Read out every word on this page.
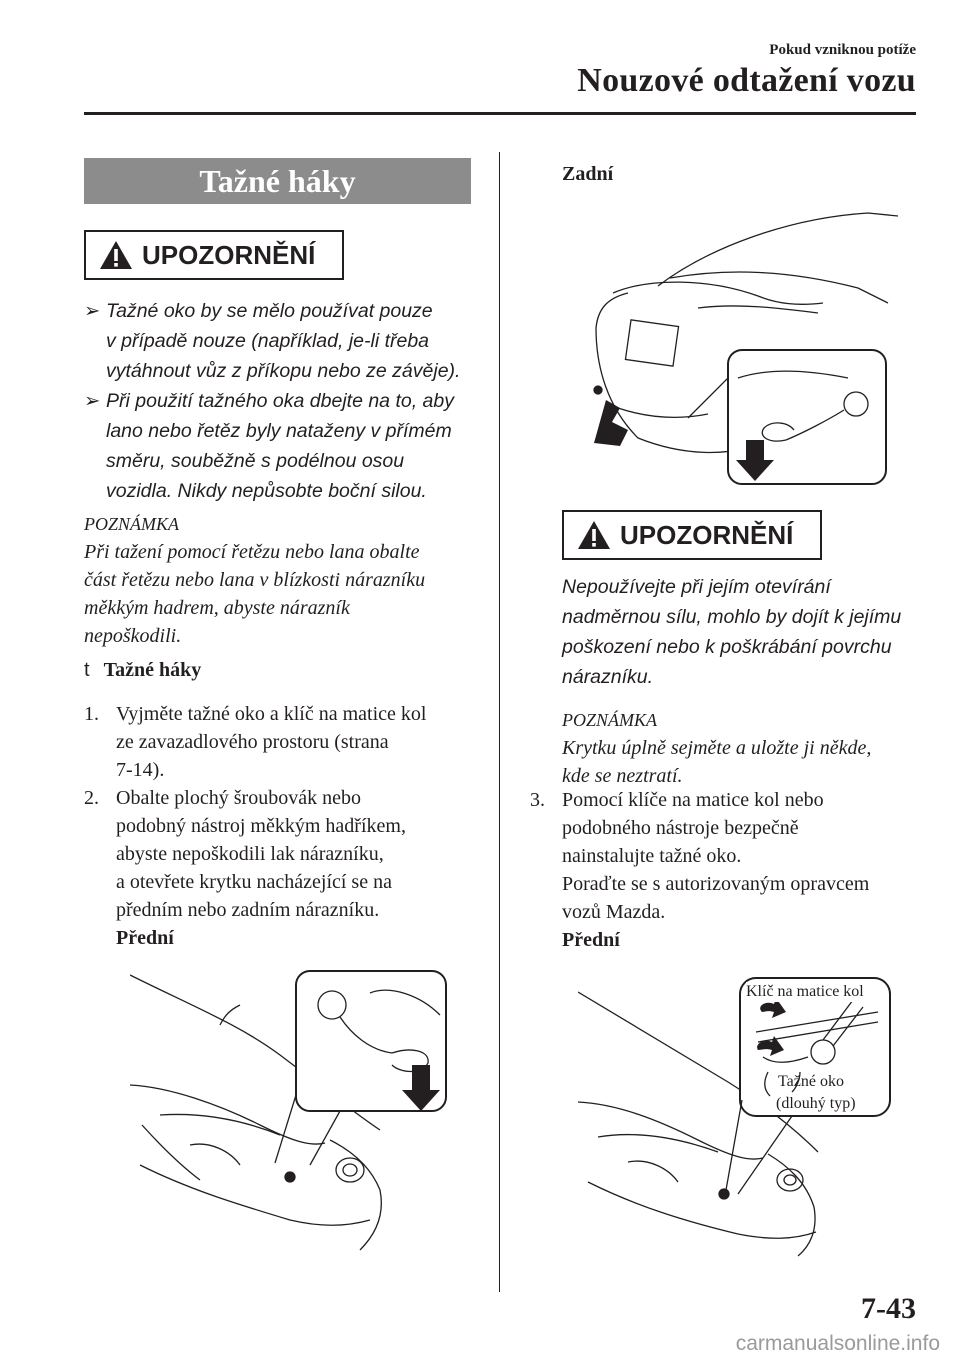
Pokud vzniknou potíže
Nouzové odtažení vozu
Tažné háky
UPOZORNĚNÍ
➢ Tažné oko by se mělo používat pouze
v případě nouze (například, je-li třeba
vytáhnout vůz z příkopu nebo ze závěje).
➢ Při použití tažného oka dbejte na to, aby
lano nebo řetěz byly nataženy v přímém
směru, souběžně s podélnou osou
vozidla. Nikdy nepůsobte boční silou.
POZNÁMKA
Při tažení pomocí řetězu nebo lana obalte
část řetězu nebo lana v blízkosti nárazníku
měkkým hadrem, abyste nárazník
nepoškodili.
t Tažné háky
1. Vyjměte tažné oko a klíč na matice kol
ze zavazadlového prostoru (strana
7-14).
2. Obalte plochý šroubovák nebo
podobný nástroj měkkým hadříkem,
abyste nepoškodili lak nárazníku,
a otevřete krytku nacházející se na
předním nebo zadním nárazníku.
Přední
Zadní
UPOZORNĚNÍ
Nepoužívejte při jejím otevírání
nadměrnou sílu, mohlo by dojít k jejímu
poškození nebo k poškrábání povrchu
nárazníku.
POZNÁMKA
Krytku úplně sejměte a uložte ji někde,
kde se neztratí.
3. Pomocí klíče na matice kol nebo
podobného nástroje bezpečně
nainstalujte tažné oko.
Poraďte se s autorizovaným opravcem
vozů Mazda.
Přední
Klíč na matice kol
Tažné oko
(dlouhý typ)
7-43
carmanualsonline.info
